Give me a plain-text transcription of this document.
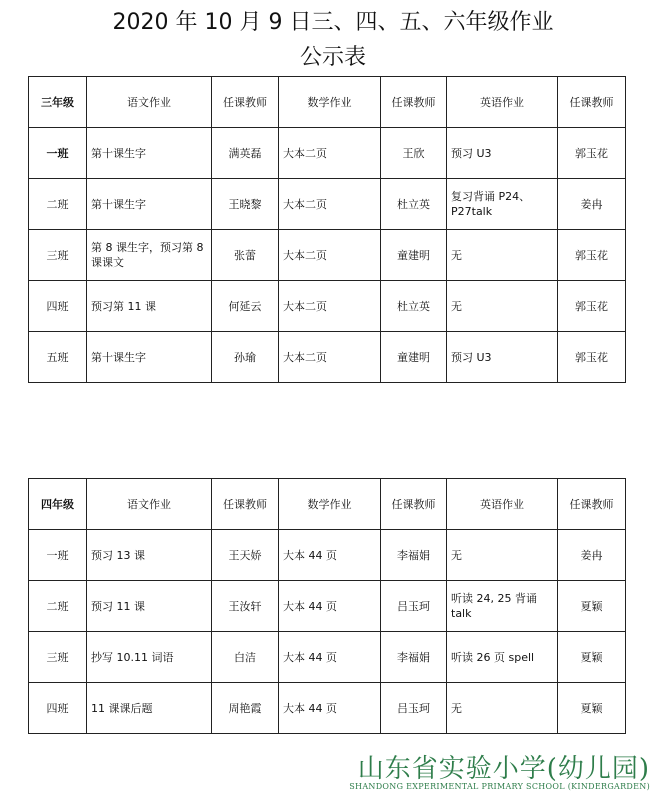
2020 年 10 月 9 日三、四、五、六年级作业
公示表
三年级	语文作业	任课教师	数学作业	任课教师	英语作业	任课教师
一班	第十课生字	满英磊	大本二页	王欣	预习 U3	郭玉花
二班	第十课生字	王晓黎	大本二页	杜立英	复习背诵 P24、P27talk	姜冉
三班	第 8 课生字，预习第 8 课课文	张蕾	大本二页	童建明	无	郭玉花
四班	预习第 11 课	何延云	大本二页	杜立英	无	郭玉花
五班	第十课生字	孙瑜	大本二页	童建明	预习 U3	郭玉花
四年级	语文作业	任课教师	数学作业	任课教师	英语作业	任课教师
一班	预习 13 课	王天娇	大本 44 页	李福娟	无	姜冉
二班	预习 11 课	王汝轩	大本 44 页	吕玉珂	听读 24, 25 背诵 talk	夏颖
三班	抄写 10.11 词语	白洁	大本 44 页	李福娟	听读 26 页 spell	夏颖
四班	11 课课后题	周艳霞	大本 44 页	吕玉珂	无	夏颖
山东省实验小学(幼儿园)
SHANDONG EXPERIMENTAL PRIMARY SCHOOL (KINDERGARDEN)
